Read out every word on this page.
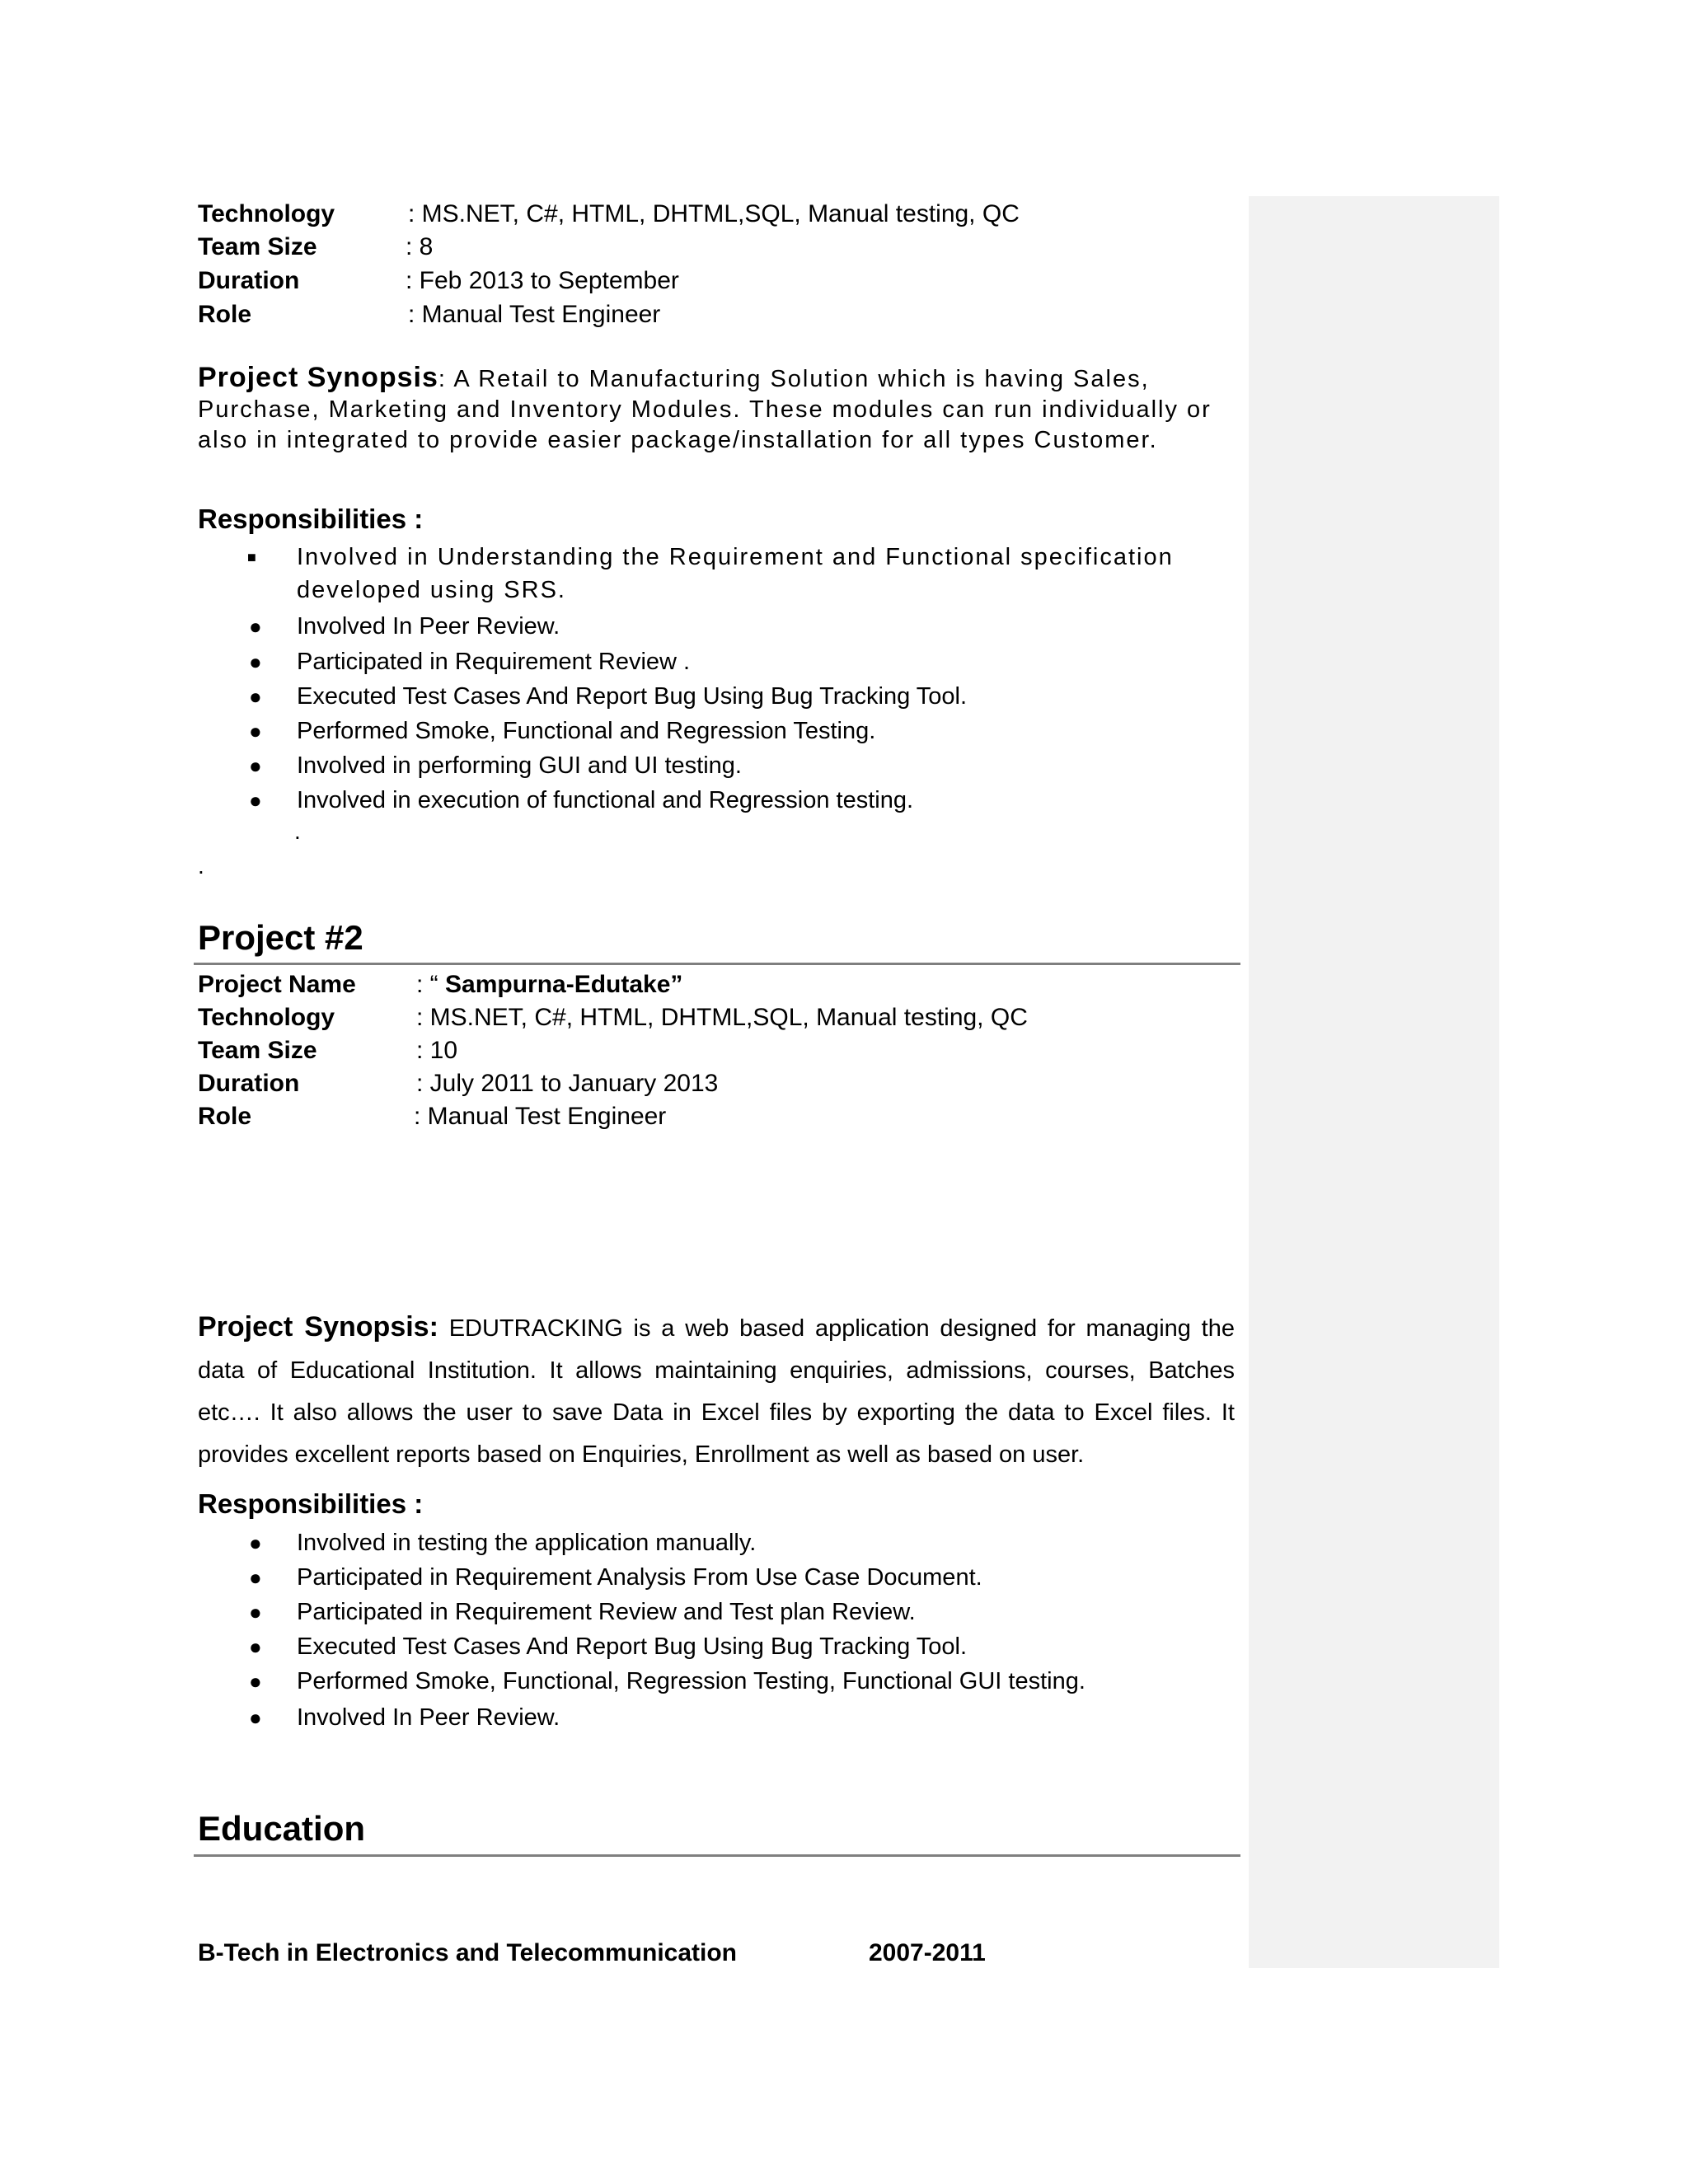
Technology	: MS.NET, C#, HTML, DHTML,SQL, Manual testing, QC
Team Size	: 8
Duration	: Feb 2013 to September
Role	: Manual Test Engineer
Project Synopsis: A Retail to Manufacturing Solution which is having Sales, Purchase, Marketing and Inventory Modules. These modules can run individually or also in integrated to provide easier package/installation for all types Customer.
Responsibilities :
■ Involved in Understanding the Requirement and Functional specification developed using SRS.
● Involved In Peer Review.
● Participated in Requirement Review .
● Executed Test Cases And Report Bug Using Bug Tracking Tool.
● Performed Smoke, Functional and Regression Testing.
● Involved in performing GUI and UI testing.
● Involved in execution of functional and Regression testing.
.
.
Project #2
Project Name : “ Sampurna-Edutake”
Technology	: MS.NET, C#, HTML, DHTML,SQL, Manual testing, QC
Team Size	: 10
Duration	: July 2011 to January 2013
Role	: Manual Test Engineer
Project Synopsis: EDUTRACKING is a web based application designed for managing the data of Educational Institution. It allows maintaining enquiries, admissions, courses, Batches etc…. It also allows the user to save Data in Excel files by exporting the data to Excel files. It provides excellent reports based on Enquiries, Enrollment as well as based on user.
Responsibilities :
● Involved in testing the application manually.
● Participated in Requirement Analysis From Use Case Document.
● Participated in Requirement Review and Test plan Review.
● Executed Test Cases And Report Bug Using Bug Tracking Tool.
● Performed Smoke, Functional, Regression Testing, Functional GUI testing.
● Involved In Peer Review.
Education
B-Tech in Electronics and Telecommunication	2007-2011
